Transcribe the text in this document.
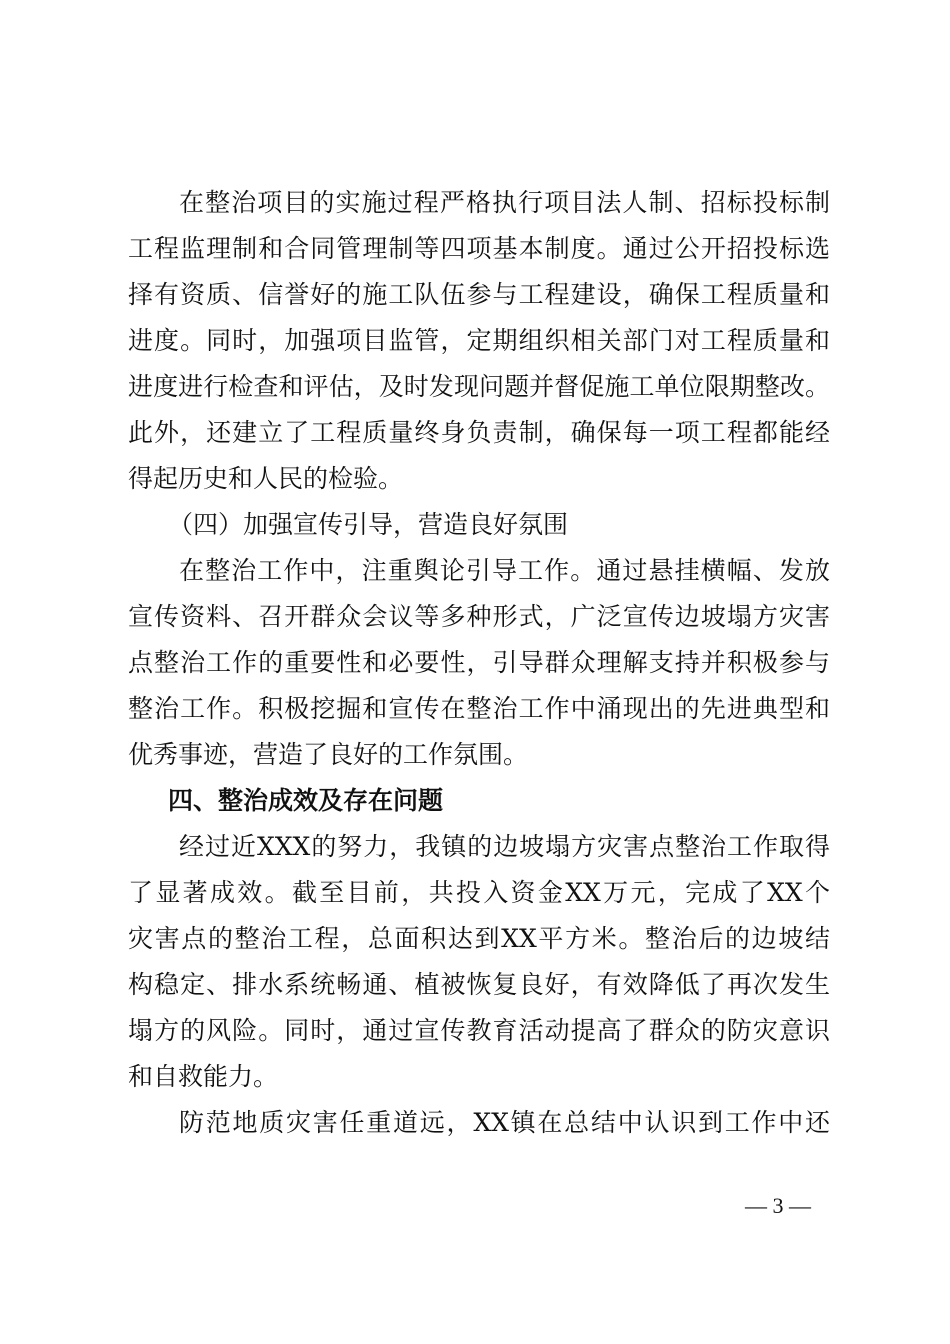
在整治项目的实施过程严格执行项目法人制、招标投标制
工程监理制和合同管理制等四项基本制度。通过公开招投标选
择有资质、信誉好的施工队伍参与工程建设，确保工程质量和
进度。同时，加强项目监管，定期组织相关部门对工程质量和
进度进行检查和评估，及时发现问题并督促施工单位限期整改。
此外，还建立了工程质量终身负责制，确保每一项工程都能经
得起历史和人民的检验。
（四）加强宣传引导，营造良好氛围
在整治工作中，注重舆论引导工作。通过悬挂横幅、发放
宣传资料、召开群众会议等多种形式，广泛宣传边坡塌方灾害
点整治工作的重要性和必要性，引导群众理解支持并积极参与
整治工作。积极挖掘和宣传在整治工作中涌现出的先进典型和
优秀事迹，营造了良好的工作氛围。
四、整治成效及存在问题
经过近XXX的努力，我镇的边坡塌方灾害点整治工作取得
了显著成效。截至目前，共投入资金XX万元，完成了XX个
灾害点的整治工程，总面积达到XX平方米。整治后的边坡结
构稳定、排水系统畅通、植被恢复良好，有效降低了再次发生
塌方的风险。同时，通过宣传教育活动提高了群众的防灾意识
和自救能力。
防范地质灾害任重道远，XX镇在总结中认识到工作中还
— 3 —
